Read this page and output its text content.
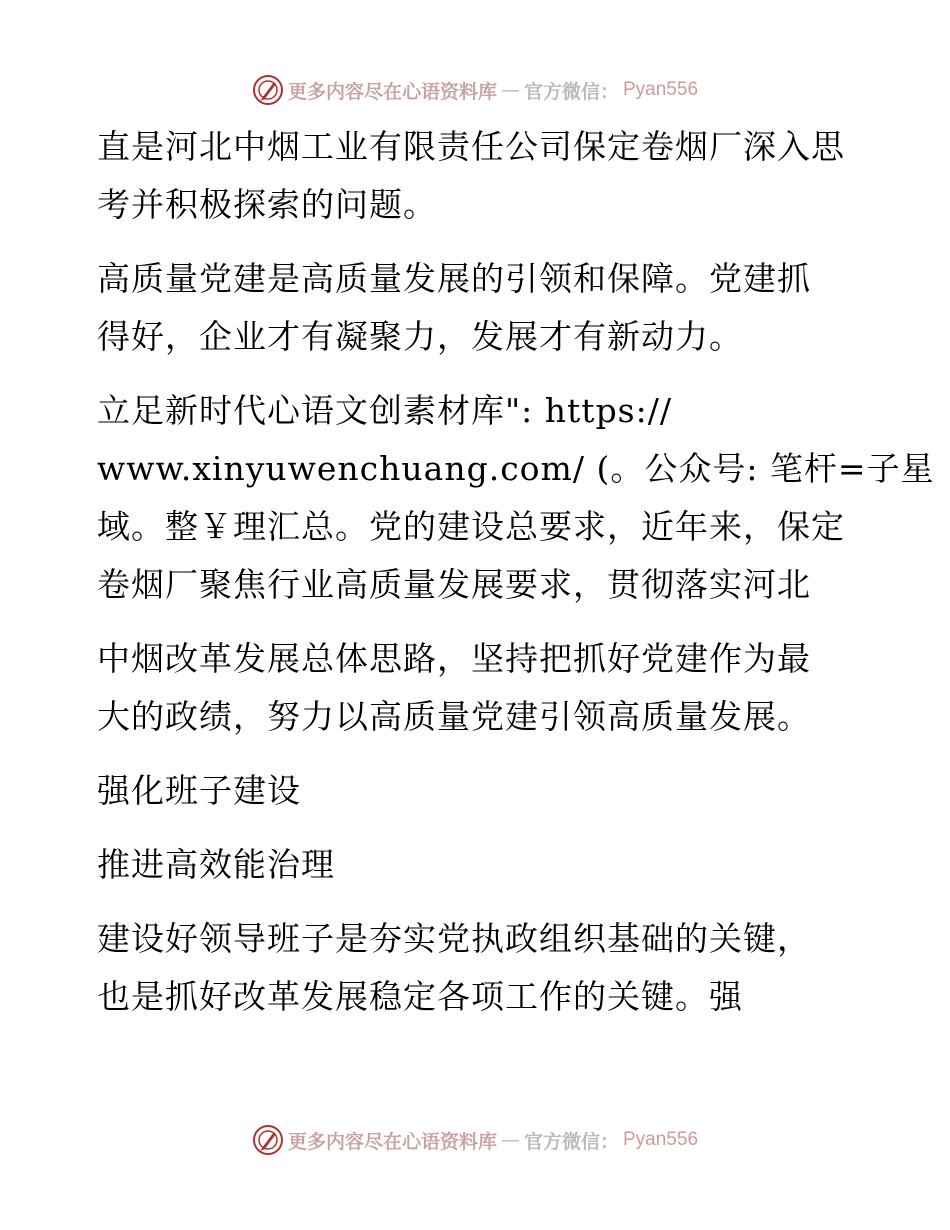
更多内容尽在心语资料库 — 官方微信： Pyan556
直是河北中烟工业有限责任公司保定卷烟厂深入思
考并积极探索的问题。
高质量党建是高质量发展的引领和保障。党建抓
得好，企业才有凝聚力，发展才有新动力。
立足新时代心语文创素材库": https://
www.xinyuwenchuang.com/ (。公众号: 笔杆=子星
域。整￥理汇总。党的建设总要求，近年来，保定
卷烟厂聚焦行业高质量发展要求，贯彻落实河北
中烟改革发展总体思路，坚持把抓好党建作为最
大的政绩，努力以高质量党建引领高质量发展。
强化班子建设
推进高效能治理
建设好领导班子是夯实党执政组织基础的关键，
也是抓好改革发展稳定各项工作的关键。强
更多内容尽在心语资料库 — 官方微信： Pyan556
